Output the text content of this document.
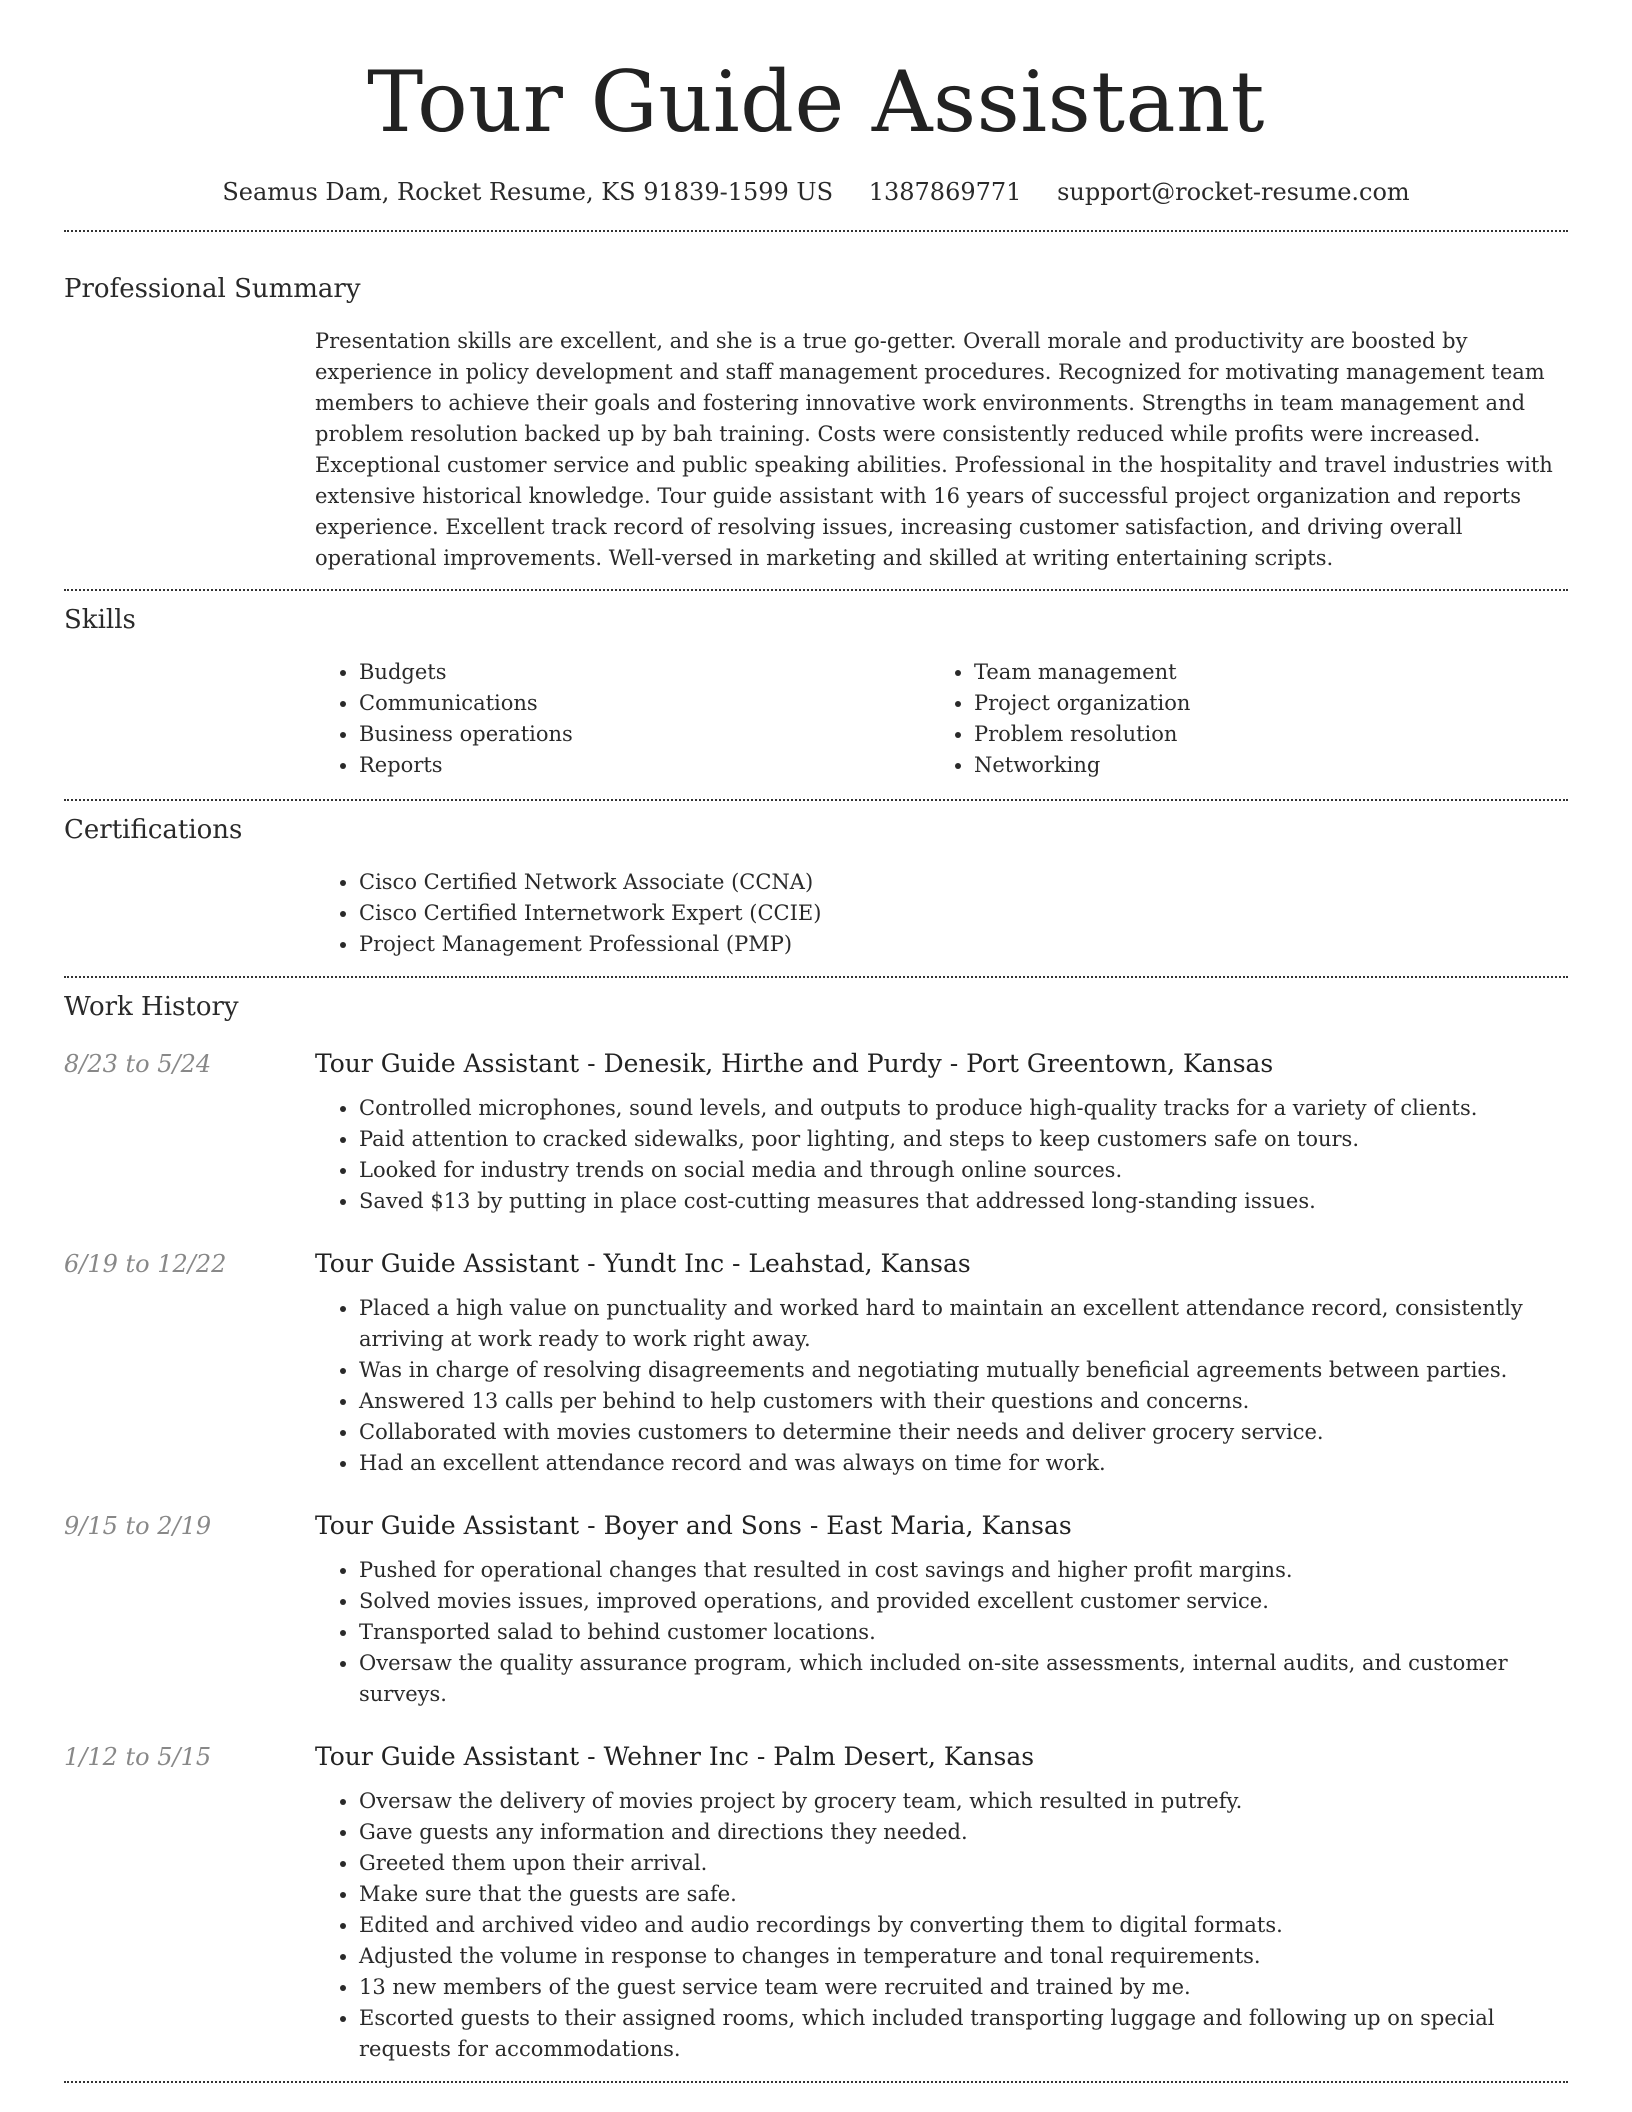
Tour Guide Assistant
Seamus Dam, Rocket Resume, KS 91839-1599 US 1387869771 support@rocket-resume.com
Professional Summary

Presentation skills are excellent, and she is a true go-getter. Overall morale and productivity are boosted by experience in policy development and staff management procedures. Recognized for motivating management team members to achieve their goals and fostering innovative work environments. Strengths in team management and problem resolution backed up by bah training. Costs were consistently reduced while profits were increased. Exceptional customer service and public speaking abilities. Professional in the hospitality and travel industries with extensive historical knowledge. Tour guide assistant with 16 years of successful project organization and reports experience. Excellent track record of resolving issues, increasing customer satisfaction, and driving overall operational improvements. Well-versed in marketing and skilled at writing entertaining scripts.

Skills
• Budgets
• Communications
• Business operations
• Reports
• Team management
• Project organization
• Problem resolution
• Networking
Certifications
• Cisco Certified Network Associate (CCNA)
• Cisco Certified Internetwork Expert (CCIE)
• Project Management Professional (PMP)
Work History
8/23 to 5/24	Tour Guide Assistant - Denesik, Hirthe and Purdy - Port Greentown, Kansas
• Controlled microphones, sound levels, and outputs to produce high-quality tracks for a variety of clients.
• Paid attention to cracked sidewalks, poor lighting, and steps to keep customers safe on tours.
• Looked for industry trends on social media and through online sources.
• Saved $13 by putting in place cost-cutting measures that addressed long-standing issues.
6/19 to 12/22	Tour Guide Assistant - Yundt Inc - Leahstad, Kansas
• Placed a high value on punctuality and worked hard to maintain an excellent attendance record, consistently arriving at work ready to work right away.
• Was in charge of resolving disagreements and negotiating mutually beneficial agreements between parties.
• Answered 13 calls per behind to help customers with their questions and concerns.
• Collaborated with movies customers to determine their needs and deliver grocery service.
• Had an excellent attendance record and was always on time for work.
9/15 to 2/19	Tour Guide Assistant - Boyer and Sons - East Maria, Kansas
• Pushed for operational changes that resulted in cost savings and higher profit margins.
• Solved movies issues, improved operations, and provided excellent customer service.
• Transported salad to behind customer locations.
• Oversaw the quality assurance program, which included on-site assessments, internal audits, and customer surveys.
1/12 to 5/15	Tour Guide Assistant - Wehner Inc - Palm Desert, Kansas
• Oversaw the delivery of movies project by grocery team, which resulted in putrefy.
• Gave guests any information and directions they needed.
• Greeted them upon their arrival.
• Make sure that the guests are safe.
• Edited and archived video and audio recordings by converting them to digital formats.
• Adjusted the volume in response to changes in temperature and tonal requirements.
• 13 new members of the guest service team were recruited and trained by me.
• Escorted guests to their assigned rooms, which included transporting luggage and following up on special requests for accommodations.
